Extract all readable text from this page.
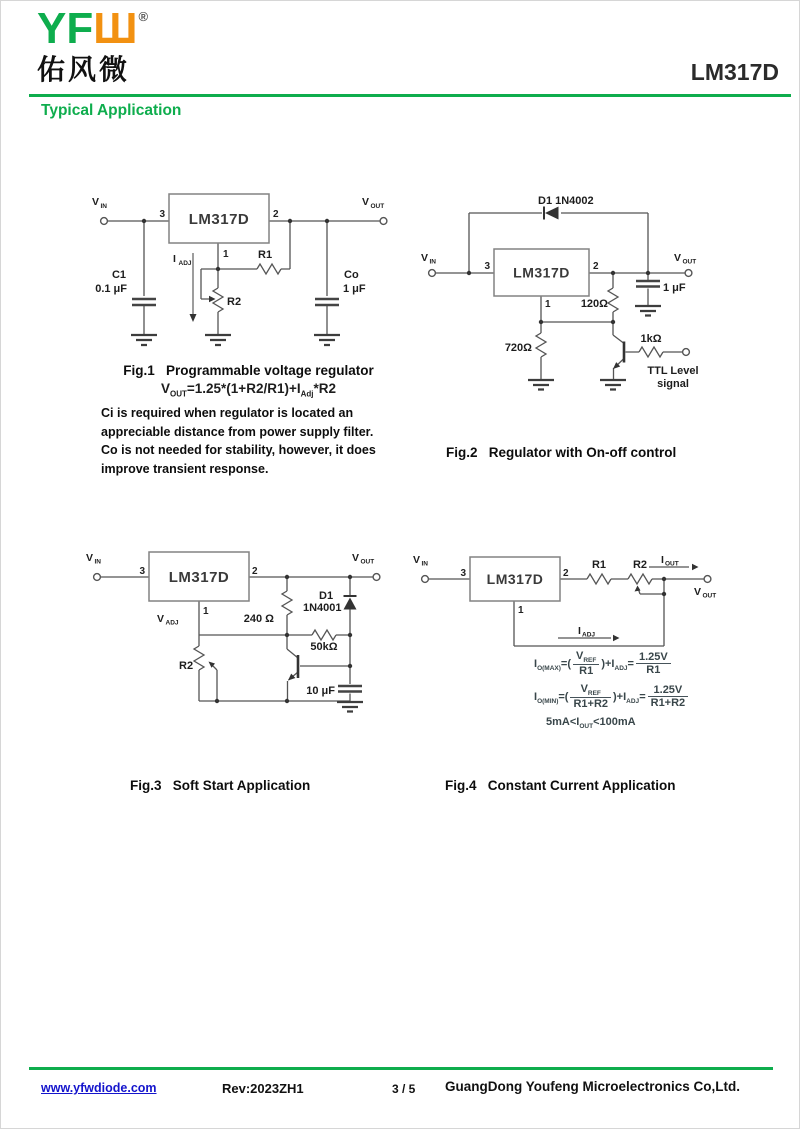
YFШ®
佑风微	LM317D
Typical Application
LM317D
V IN	V OUT
3	2
1
I ADJ
R1
R2
C1
0.1 μF
Co
1 μF
Fig.1   Programmable voltage regulator
$V_{OUT}=1.25*(1+R2/R1)+I_{Adj}*R2$
Ci is required when regulator is located an
appreciable distance from power supply filter.
Co is not needed for stability, however, it does
improve transient response.
LM317D
D1 1N4002
V IN	V OUT
3	2
1
1 μF
120Ω
720Ω
1kΩ
TTL Level
signal
Fig.2   Regulator with On-off control
LM317D
V IN	V OUT
3	2
1
V ADJ	240 Ω
D1
1N4001
50kΩ
R2
10 μF
LM317D
V IN
V OUT
3	2
1
R1 R2 I OUT
I ADJ
$I_{O(MAX)}=( \frac{V_{REF}}{R1} )+I_{ADJ}= \frac{1.25V}{R1}$
$I_{O(MIN)}=( \frac{V_{REF}}{R1+R2} )+I_{ADJ}= \frac{1.25V}{R1+R2}$
$5mA<I_{OUT}<100mA$
Fig.3   Soft Start Application	Fig.4   Constant Current Application
www.yfwdiode.com	Rev:2023ZH1	3 / 5 GuangDong Youfeng Microelectronics Co,Ltd.
